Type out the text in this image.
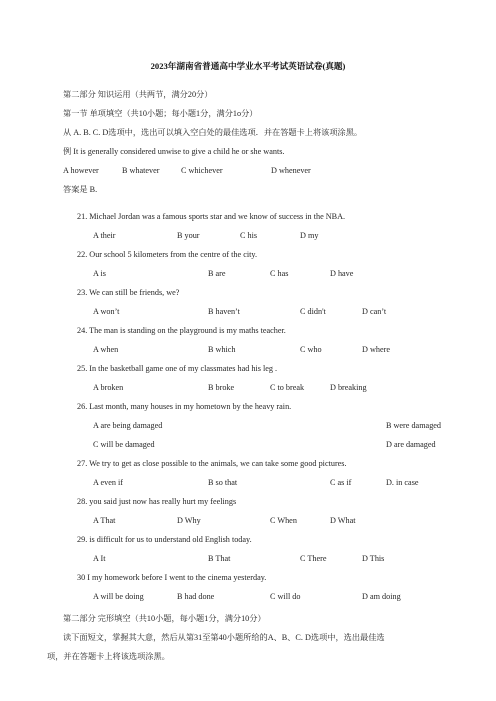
2023年湖南省普通高中学业水平考试英语试卷(真题)
第二部分 知识运用（共两节，满分20分）
第一节 单项填空（共10小题；每小题1分，满分1o分）
从 A. B. C. D选项中，选出可以填入空白处的最佳选项．并在答题卡上将该项涂黑。
例 It is generally considered unwise to give a child he or she wants.
A however	B whatever	C whichever	D whenever
答案是 B.
21. Michael Jordan was a famous sports star and we know of success in the NBA.
A their	B your	C his	D my
22. Our school 5 kilometers from the centre of the city.
A is	B are	C has	D have
23. We can still be friends, we?
A won’t	B haven’t	C didn't	D can’t
24. The man is standing on the playground is my maths teacher.
A when	B which	C who	D where
25. In the basketball game one of my classmates had his leg .
A broken	B broke	C to break	D breaking
26. Last month, many houses in my hometown by the heavy rain.
A are being damaged	B were damaged
C will be damaged	D are damaged
27. We try to get as close possible to the animals, we can take some good pictures.
A even if	B so that	C as if	D. in case
28. you said just now has really hurt my feelings
A That	D Why	C When	D What
29. is difficult for us to understand old English today.
A It	B That	C There	D This
30 I my homework before I went to the cinema yesterday.
A will be doing	B had done	C will do	D am doing
第二部分 完形填空（共10小题，每小题1分，满分10分）
读下面短文，掌握其大意，然后从第31至第40小题所给的A、B、C. D选项中，选出最佳选
项，并在答题卡上将该选项涂黑。
